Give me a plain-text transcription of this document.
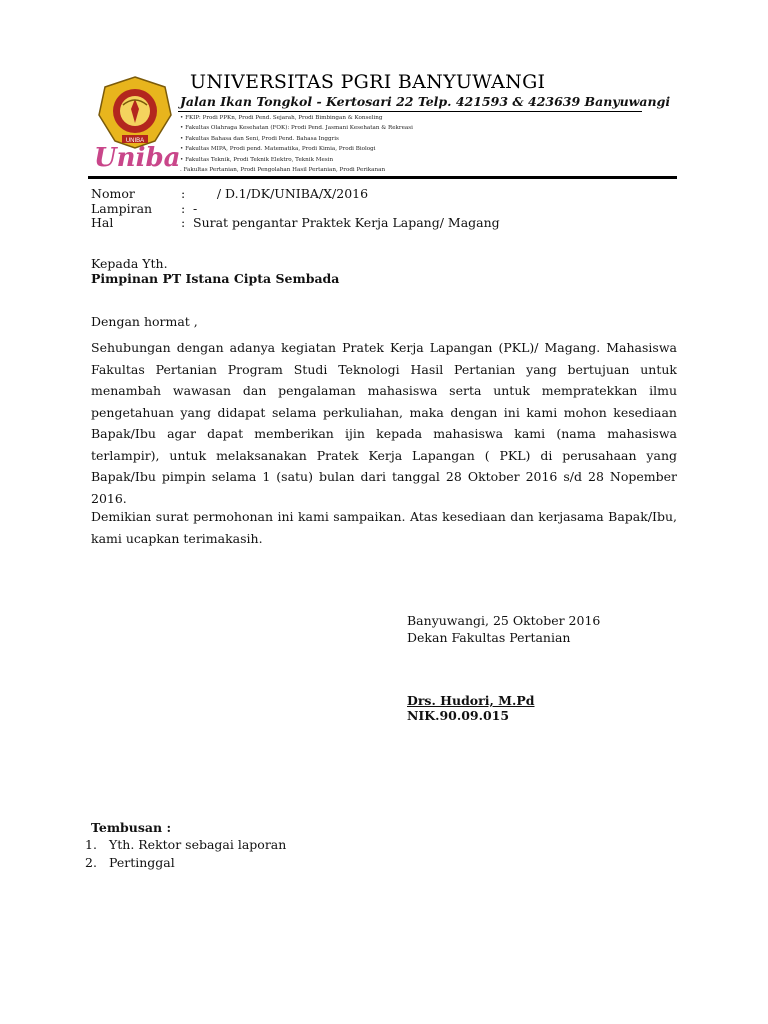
UNIBA
Uniba
UNIVERSITAS PGRI BANYUWANGI
Jalan Ikan Tongkol - Kertosari 22 Telp. 421593 & 423639 Banyuwangi
• FKIP: Prodi PPKn, Prodi Pend. Sejarah, Prodi Bimbingan & Konseling
• Fakultas Olahraga Kesehatan (FOK): Prodi Pend. Jasmani Kesehatan & Rekreasi
• Fakultas Bahasa dan Seni, Prodi Pend. Bahasa Inggris
• Fakultas MIPA, Prodi pend. Matematika, Prodi Kimia, Prodi Biologi
• Fakultas Teknik, Prodi Teknik Elektro, Teknik Mesin
. Fakultas Pertanian, Prodi Pengolahan Hasil Pertanian, Prodi Perikanan
Nomor	:      / D.1/DK/UNIBA/X/2016
Lampiran : -
Hal	: Surat pengantar Praktek Kerja Lapang/ Magang
Kepada Yth.
Pimpinan PT Istana Cipta Sembada
Dengan hormat ,
Sehubungan dengan adanya kegiatan Pratek Kerja Lapangan (PKL)/ Magang. Mahasiswa Fakultas Pertanian Program Studi Teknologi Hasil Pertanian yang bertujuan untuk menambah wawasan dan pengalaman mahasiswa serta untuk mempratekkan ilmu pengetahuan yang didapat selama perkuliahan, maka dengan ini kami mohon kesediaan Bapak/Ibu agar dapat memberikan ijin kepada mahasiswa kami (nama mahasiswa terlampir), untuk melaksanakan Pratek Kerja Lapangan ( PKL) di perusahaan yang Bapak/Ibu pimpin selama 1 (satu) bulan dari tanggal 28 Oktober 2016 s/d 28 Nopember 2016.
Demikian surat permohonan ini kami sampaikan. Atas kesediaan dan kerjasama Bapak/Ibu, kami ucapkan terimakasih.
Banyuwangi, 25 Oktober 2016
Dekan Fakultas Pertanian
Drs. Hudori, M.Pd
NIK.90.09.015
Tembusan :
1. Yth. Rektor sebagai laporan
2. Pertinggal
